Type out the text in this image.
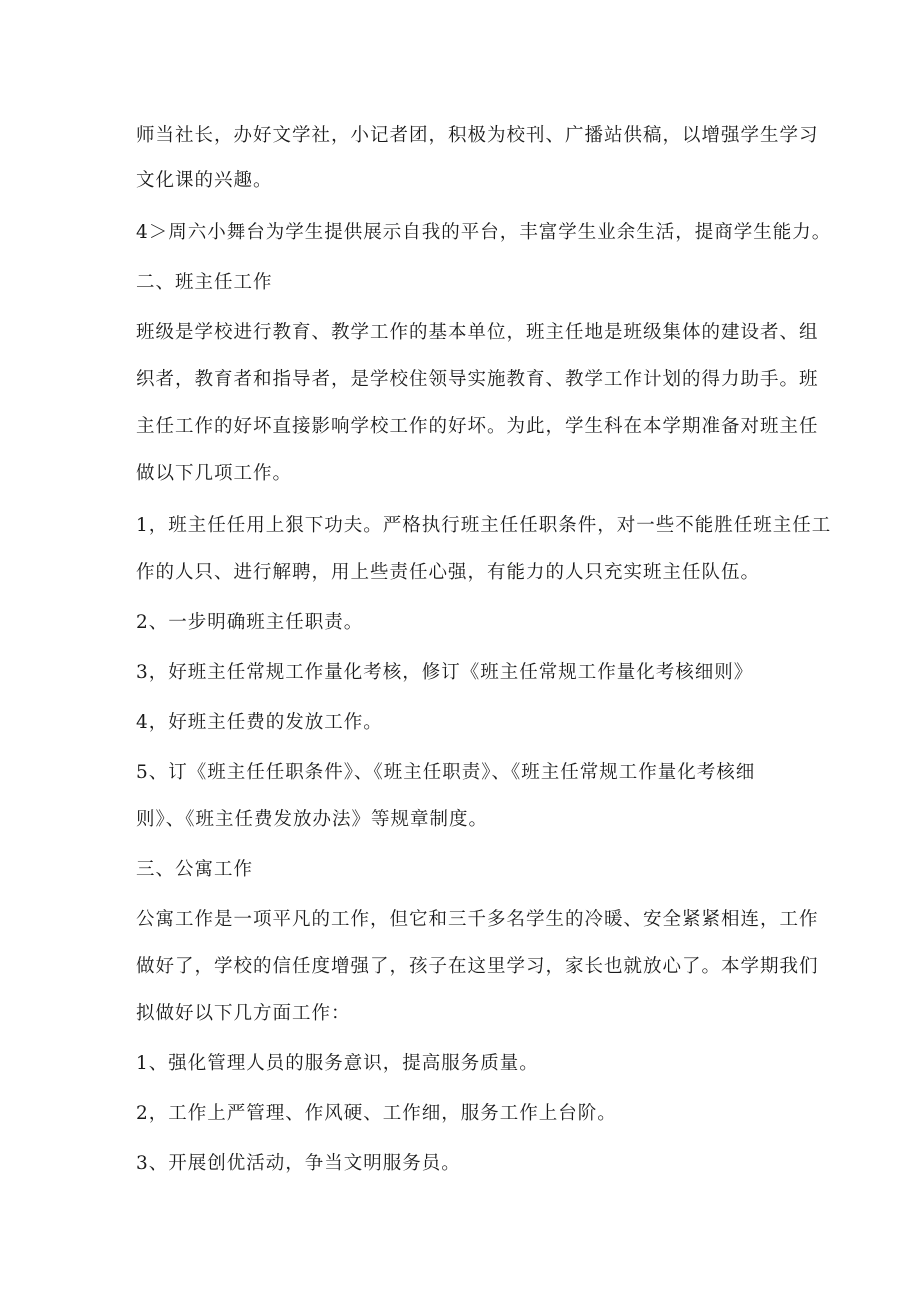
师当社长，办好文学社，小记者团，积极为校刊、广播站供稿，以增强学生学习
文化课的兴趣。
4＞周六小舞台为学生提供展示自我的平台，丰富学生业余生活，提商学生能力。
二、班主任工作
班级是学校进行教育、教学工作的基本单位，班主任地是班级集体的建设者、组
织者，教育者和指导者，是学校住领导实施教育、教学工作计划的得力助手。班
主任工作的好坏直接影响学校工作的好坏。为此，学生科在本学期准备对班主任
做以下几项工作。
1，班主任任用上狠下功夫。严格执行班主任任职条件，对一些不能胜任班主任工
作的人只、进行解聘，用上些责任心强，有能力的人只充实班主任队伍。
2、一步明确班主任职责。
3，好班主任常规工作量化考核，修订《班主任常规工作量化考核细则》
4，好班主任费的发放工作。
5、订《班主任任职条件》、《班主任职责》、《班主任常规工作量化考核细
则》、《班主任费发放办法》等规章制度。
三、公寓工作
公寓工作是一项平凡的工作，但它和三千多名学生的冷暖、安全紧紧相连，工作
做好了，学校的信任度增强了，孩子在这里学习，家长也就放心了。本学期我们
拟做好以下几方面工作：
1、强化管理人员的服务意识，提高服务质量。
2，工作上严管理、作风硬、工作细，服务工作上台阶。
3、开展创优活动，争当文明服务员。
